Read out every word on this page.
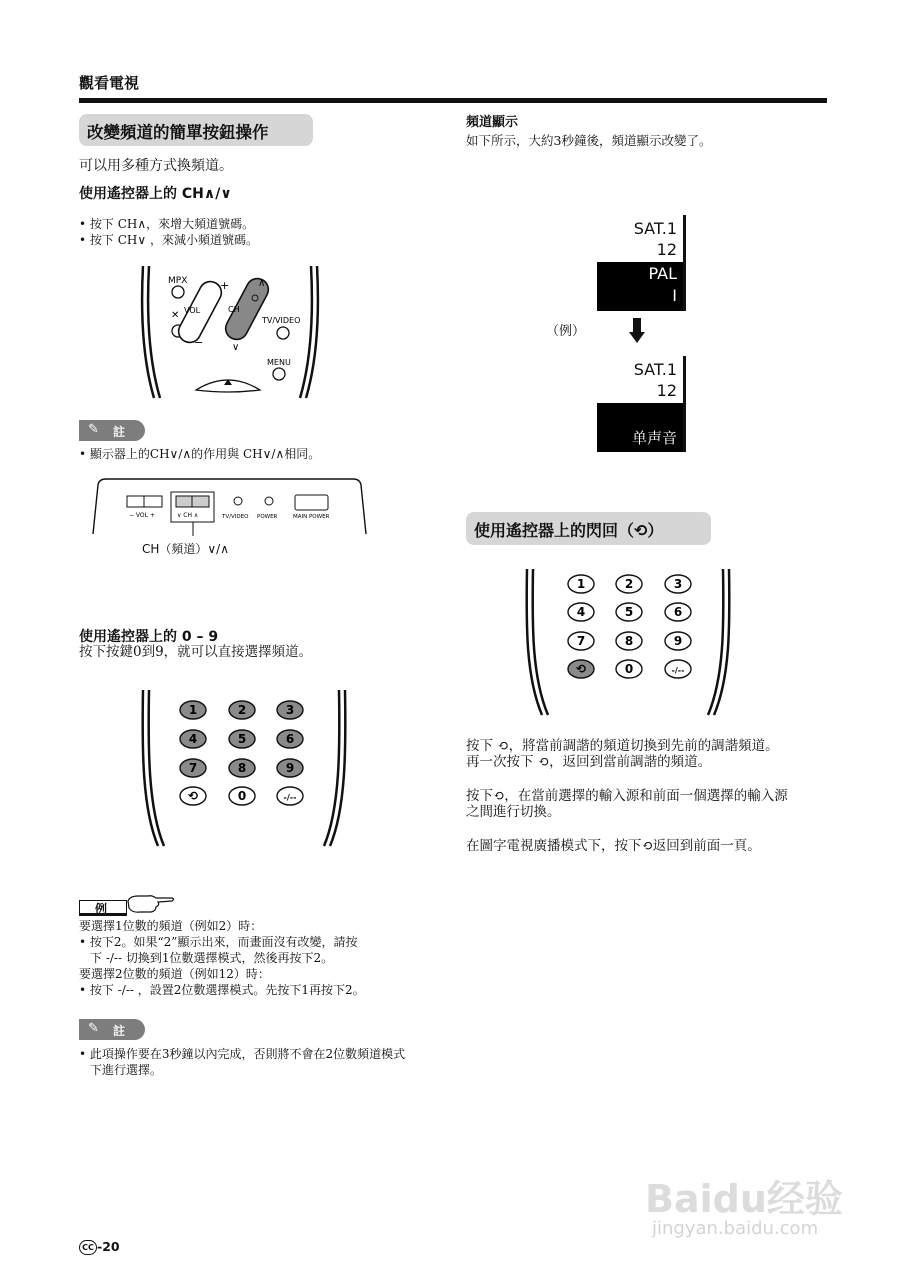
觀看電視
改變頻道的簡單按鈕操作
可以用多種方式換頻道。
使用遙控器上的 CH∧/∨
• 按下 CH∧，來增大頻道號碼。
• 按下 CH∨ ，來減小頻道號碼。
∨
∧
✕
MPX	+
VOL	CH
−
TV/VIDEO
MENU
✎ 註
• 顯示器上的CH∨/∧的作用與 CH∨/∧相同。
− VOL +	∨ CH ∧	TV/VIDEO POWER	MAIN POWER
CH（頻道）∨/∧
使用遙控器上的 0 – 9
按下按鍵0到9，就可以直接選擇頻道。
1	2	3
4	5	6
7	8	9
⟲	0	-/--
例
要選擇1位數的頻道（例如2）時：
• 按下2。如果“2”顯示出來，而畫面沒有改變，請按
下 -/-- 切換到1位數選擇模式，然後再按下2。
要選擇2位數的頻道（例如12）時：
• 按下 -/-- ，設置2位數選擇模式。先按下1再按下2。
✎ 註
• 此項操作要在3秒鐘以內完成，否則將不會在2位數頻道模式
下進行選擇。
頻道顯示
如下所示，大約3秒鐘後，頻道顯示改變了。
SAT.1
12
PAL
I
（例）
SAT.1
12
单声音
使用遙控器上的閃回（⟲）
1	2	3
4	5	6
7	8	9
⟲	0	-/--
按下 ⟲，將當前調諧的頻道切換到先前的調諧頻道。
再一次按下 ⟲，返回到當前調諧的頻道。
按下⟲，在當前選擇的輸入源和前面一個選擇的輸入源
之間進行切換。
在圖字電視廣播模式下，按下⟲返回到前面一頁。
CC -20
Baidu经验
jingyan.baidu.com
